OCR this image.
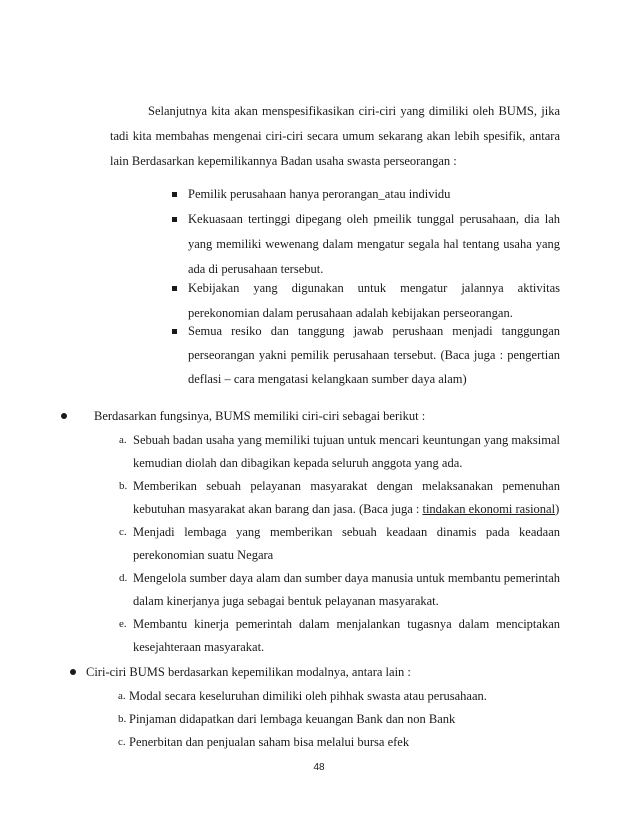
Selanjutnya kita akan menspesifikasikan ciri-ciri yang dimiliki oleh BUMS, jika
tadi kita membahas mengenai ciri-ciri secara umum sekarang akan lebih spesifik, antara
lain Berdasarkan kepemilikannya Badan usaha swasta perseorangan :
Pemilik perusahaan hanya perorangan_atau individu
Kekuasaan tertinggi dipegang oleh pmeilik tunggal perusahaan, dia lah
yang memiliki wewenang dalam mengatur segala hal tentang usaha yang
ada di perusahaan tersebut.
Kebijakan yang digunakan untuk mengatur jalannya aktivitas
perekonomian dalam perusahaan adalah kebijakan perseorangan.
Semua resiko dan tanggung jawab perushaan menjadi tanggungan
perseorangan yakni pemilik perusahaan tersebut. (Baca juga : pengertian
deflasi – cara mengatasi kelangkaan sumber daya alam)
Berdasarkan fungsinya, BUMS memiliki ciri-ciri sebagai berikut :
a. Sebuah badan usaha yang memiliki tujuan untuk mencari keuntungan yang maksimal
kemudian diolah dan dibagikan kepada seluruh anggota yang ada.
b. Memberikan sebuah pelayanan masyarakat dengan melaksanakan pemenuhan
kebutuhan masyarakat akan barang dan jasa. (Baca juga : tindakan ekonomi rasional)
c. Menjadi lembaga yang memberikan sebuah keadaan dinamis pada keadaan
perekonomian suatu Negara
d. Mengelola sumber daya alam dan sumber daya manusia untuk membantu pemerintah
dalam kinerjanya juga sebagai bentuk pelayanan masyarakat.
e. Membantu kinerja pemerintah dalam menjalankan tugasnya dalam menciptakan
kesejahteraan masyarakat.
Ciri-ciri BUMS berdasarkan kepemilikan modalnya, antara lain :
a. Modal secara keseluruhan dimiliki oleh pihhak swasta atau perusahaan.
b. Pinjaman didapatkan dari lembaga keuangan Bank dan non Bank
c. Penerbitan dan penjualan saham bisa melalui bursa efek
48
